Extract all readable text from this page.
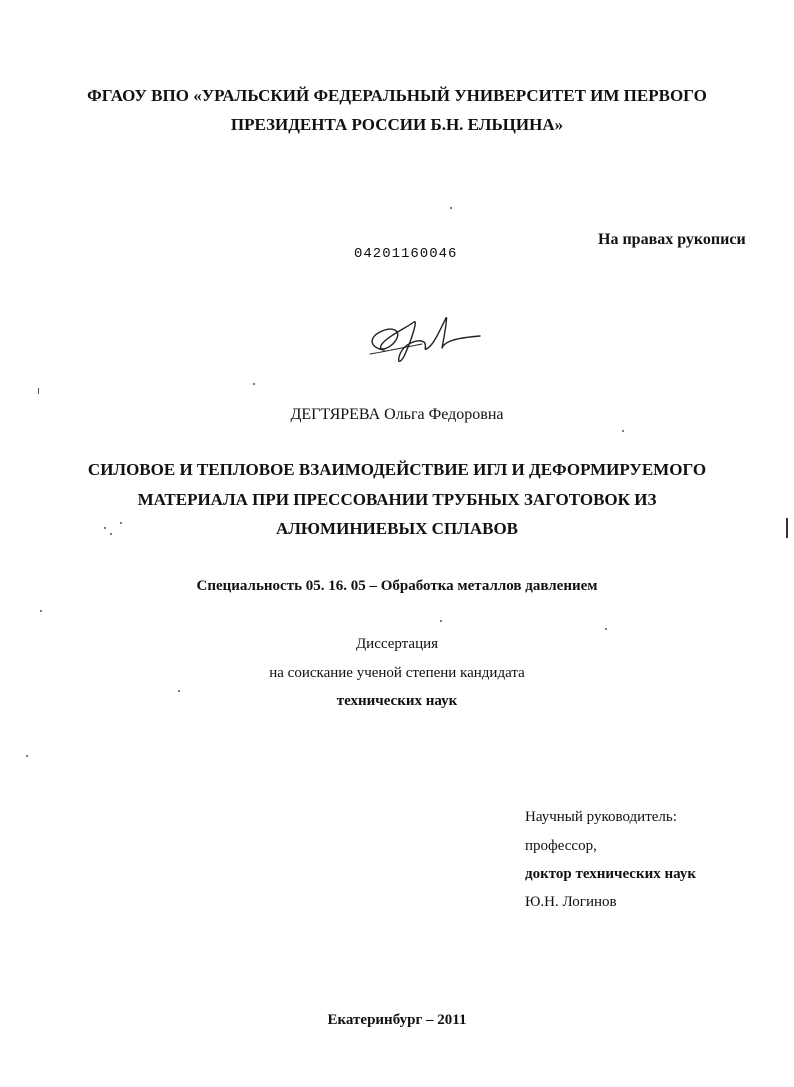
ФГАОУ ВПО «УРАЛЬСКИЙ ФЕДЕРАЛЬНЫЙ УНИВЕРСИТЕТ ИМ ПЕРВОГО
ПРЕЗИДЕНТА РОССИИ Б.Н. ЕЛЬЦИНА»
На правах рукописи
04201160046
ДЕГТЯРЕВА Ольга Федоровна
СИЛОВОЕ И ТЕПЛОВОЕ ВЗАИМОДЕЙСТВИЕ ИГЛ И ДЕФОРМИРУЕМОГО
МАТЕРИАЛА ПРИ ПРЕССОВАНИИ ТРУБНЫХ ЗАГОТОВОК ИЗ
АЛЮМИНИЕВЫХ СПЛАВОВ
Специальность 05. 16. 05 – Обработка металлов давлением
Диссертация
на соискание ученой степени кандидата
технических наук
Научный руководитель:
профессор,
доктор технических наук
Ю.Н. Логинов
Екатеринбург – 2011
